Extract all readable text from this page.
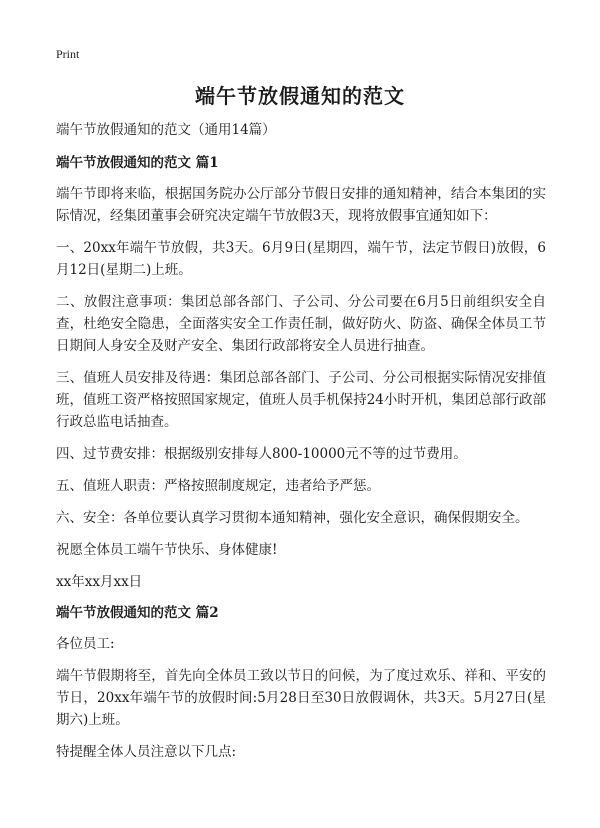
Print
端午节放假通知的范文

端午节放假通知的范文（通用14篇）

端午节放假通知的范文 篇1

端午节即将来临，根据国务院办公厅部分节假日安排的通知精神，结合本集团的实际情况，经集团董事会研究决定端午节放假3天，现将放假事宜通知如下：

一、20xx年端午节放假，共3天。6月9日(星期四，端午节，法定节假日)放假，6月12日(星期二)上班。

二、放假注意事项：集团总部各部门、子公司、分公司要在6月5日前组织安全自查，杜绝安全隐患，全面落实安全工作责任制，做好防火、防盗、确保全体员工节日期间人身安全及财产安全、集团行政部将安全人员进行抽查。

三、值班人员安排及待遇：集团总部各部门、子公司、分公司根据实际情况安排值班，值班工资严格按照国家规定，值班人员手机保持24小时开机，集团总部行政部行政总监电话抽查。

四、过节费安排：根据级别安排每人800-10000元不等的过节费用。

五、值班人职责：严格按照制度规定，违者给予严惩。

六、安全：各单位要认真学习贯彻本通知精神，强化安全意识，确保假期安全。

祝愿全体员工端午节快乐、身体健康!

xx年xx月xx日

端午节放假通知的范文 篇2

各位员工:

端午节假期将至，首先向全体员工致以节日的问候，为了度过欢乐、祥和、平安的节日，20xx年端午节的放假时间:5月28日至30日放假调休，共3天。5月27日(星期六)上班。

特提醒全体人员注意以下几点:
